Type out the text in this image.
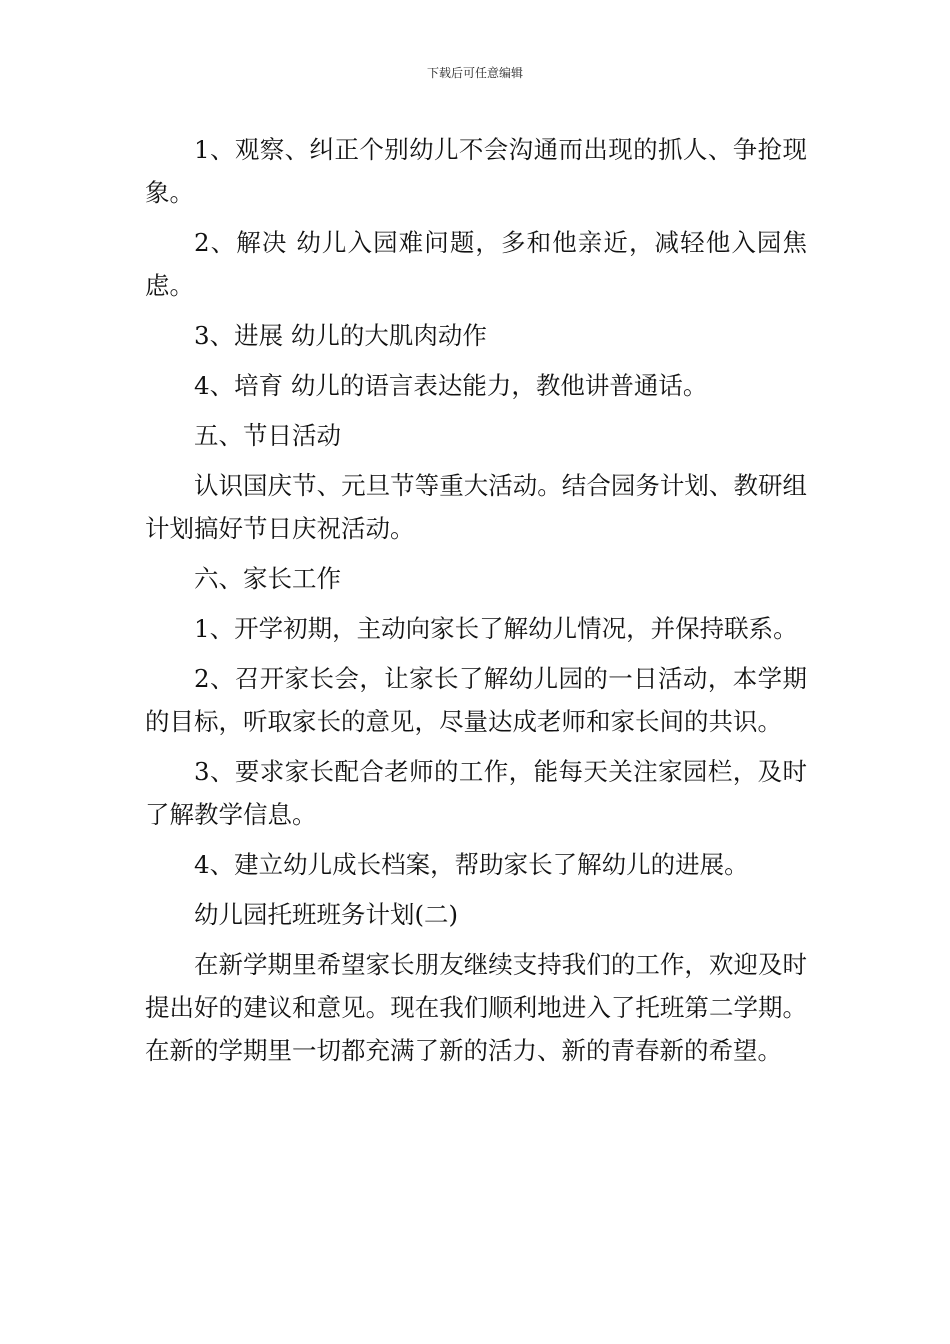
下载后可任意编辑

1、观察、纠正个别幼儿不会沟通而出现的抓人、争抢现象。

2、解决 幼儿入园难问题，多和他亲近，减轻他入园焦虑。

3、进展 幼儿的大肌肉动作

4、培育 幼儿的语言表达能力，教他讲普通话。

五、节日活动

认识国庆节、元旦节等重大活动。结合园务计划、教研组计划搞好节日庆祝活动。

六、家长工作

1、开学初期，主动向家长了解幼儿情况，并保持联系。

2、召开家长会，让家长了解幼儿园的一日活动，本学期的目标，听取家长的意见，尽量达成老师和家长间的共识。

3、要求家长配合老师的工作，能每天关注家园栏，及时了解教学信息。

4、建立幼儿成长档案，帮助家长了解幼儿的进展。

幼儿园托班班务计划(二)

在新学期里希望家长朋友继续支持我们的工作，欢迎及时提出好的建议和意见。现在我们顺利地进入了托班第二学期。在新的学期里一切都充满了新的活力、新的青春新的希望。
